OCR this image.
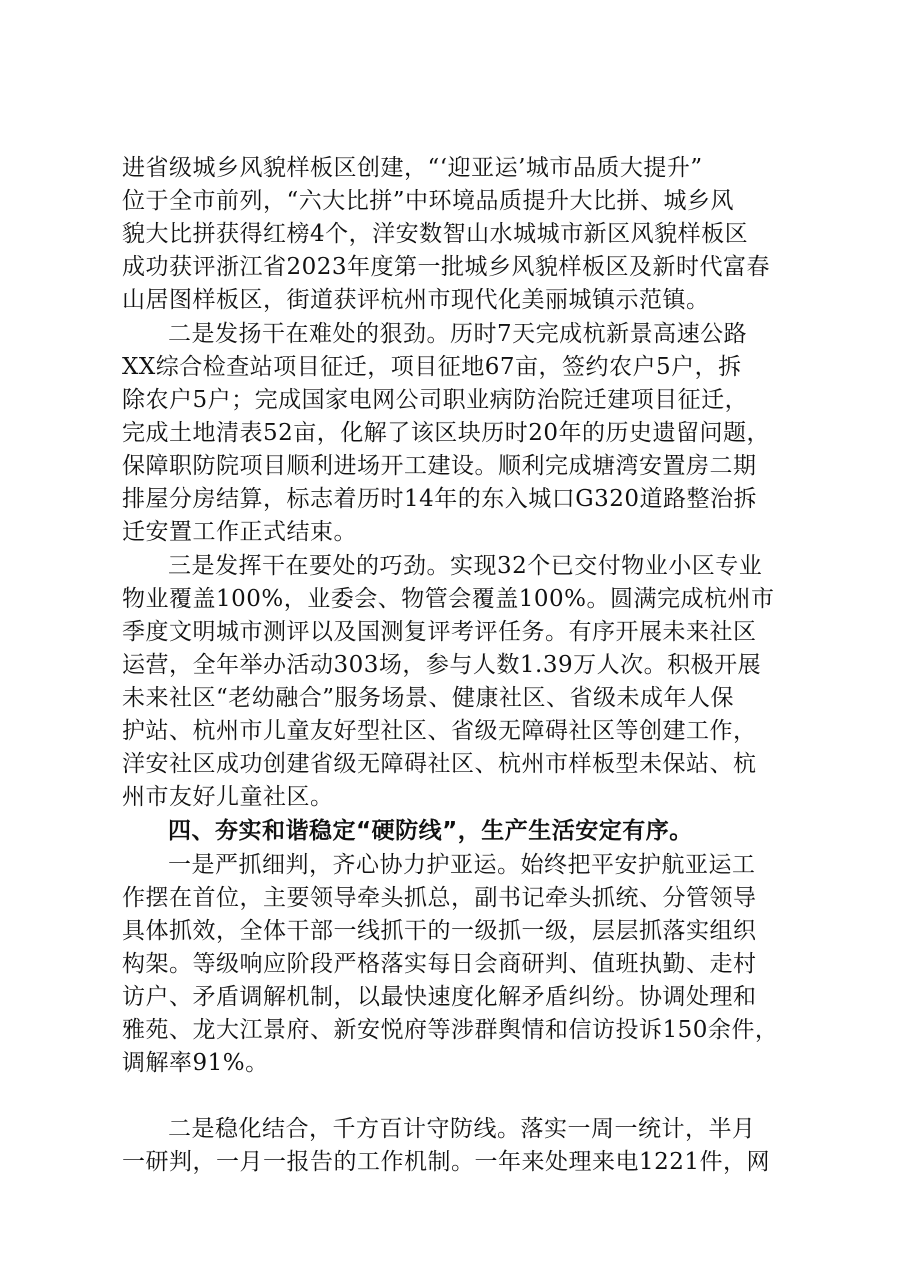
进省级城乡风貌样板区创建，“‘迎亚运’城市品质大提升”
位于全市前列，“六大比拼”中环境品质提升大比拼、城乡风
貌大比拼获得红榜4个，洋安数智山水城城市新区风貌样板区
成功获评浙江省2023年度第一批城乡风貌样板区及新时代富春
山居图样板区，街道获评杭州市现代化美丽城镇示范镇。
二是发扬干在难处的狠劲。历时7天完成杭新景高速公路
XX综合检查站项目征迁，项目征地67亩，签约农户5户，拆
除农户5户；完成国家电网公司职业病防治院迁建项目征迁，
完成土地清表52亩，化解了该区块历时20年的历史遗留问题，
保障职防院项目顺利进场开工建设。顺利完成塘湾安置房二期
排屋分房结算，标志着历时14年的东入城口G320道路整治拆
迁安置工作正式结束。
三是发挥干在要处的巧劲。实现32个已交付物业小区专业
物业覆盖100%，业委会、物管会覆盖100%。圆满完成杭州市
季度文明城市测评以及国测复评考评任务。有序开展未来社区
运营，全年举办活动303场，参与人数1.39万人次。积极开展
未来社区“老幼融合”服务场景、健康社区、省级未成年人保
护站、杭州市儿童友好型社区、省级无障碍社区等创建工作，
洋安社区成功创建省级无障碍社区、杭州市样板型未保站、杭
州市友好儿童社区。
四、夯实和谐稳定“硬防线”，生产生活安定有序。
一是严抓细判，齐心协力护亚运。始终把平安护航亚运工
作摆在首位，主要领导牵头抓总，副书记牵头抓统、分管领导
具体抓效，全体干部一线抓干的一级抓一级，层层抓落实组织
构架。等级响应阶段严格落实每日会商研判、值班执勤、走村
访户、矛盾调解机制，以最快速度化解矛盾纠纷。协调处理和
雅苑、龙大江景府、新安悦府等涉群舆情和信访投诉150余件，
调解率91%。
二是稳化结合，千方百计守防线。落实一周一统计，半月
一研判，一月一报告的工作机制。一年来处理来电1221件，网
